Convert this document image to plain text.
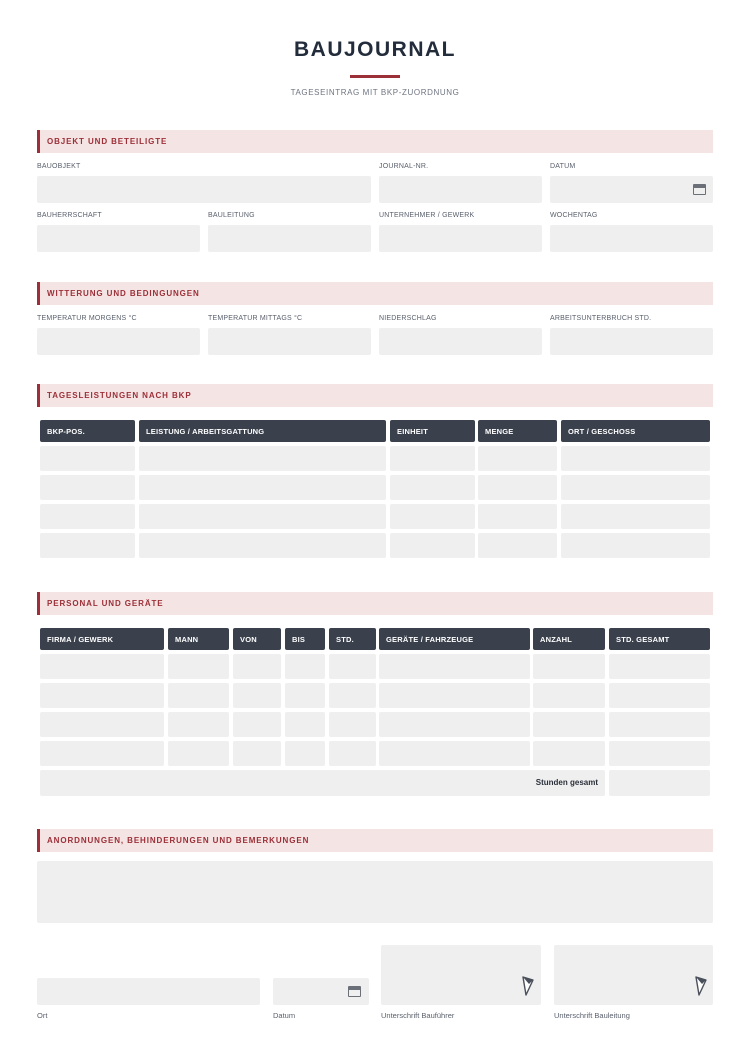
BAUJOURNAL
TAGESEINTRAG MIT BKP-ZUORDNUNG
OBJEKT UND BETEILIGTE
BAUOBJEKT	JOURNAL-NR.	DATUM
BAUHERRSCHAFT	BAULEITUNG	UNTERNEHMER / GEWERK	WOCHENTAG
WITTERUNG UND BEDINGUNGEN
TEMPERATUR MORGENS °C	TEMPERATUR MITTAGS °C	NIEDERSCHLAG	ARBEITSUNTERBRUCH STD.
TAGESLEISTUNGEN NACH BKP
BKP-POS.	LEISTUNG / ARBEITSGATTUNG	EINHEIT	MENGE	ORT / GESCHOSS
PERSONAL UND GERÄTE
FIRMA / GEWERK	MANN	VON	BIS	STD.	GERÄTE / FAHRZEUGE	ANZAHL	STD. GESAMT
Stunden gesamt
ANORDNUNGEN, BEHINDERUNGEN UND BEMERKUNGEN
Ort	Datum	Unterschrift Bauführer	Unterschrift Bauleitung
